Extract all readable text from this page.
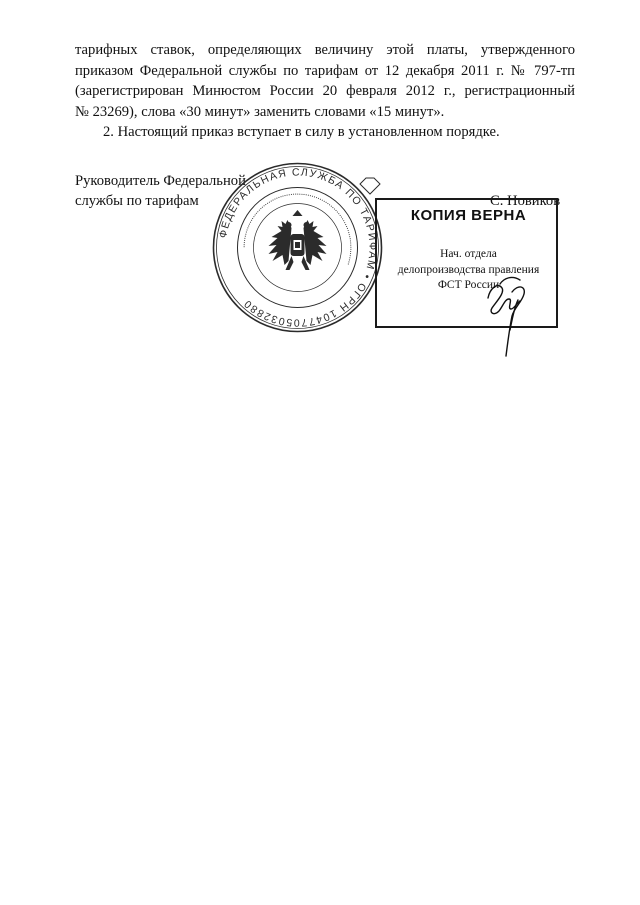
тарифных ставок, определяющих величину этой платы, утвержденного
приказом Федеральной службы по тарифам от 12 декабря 2011 г. № 797-тп
(зарегистрирован Минюстом России 20 февраля 2012 г., регистрационный
№ 23269), слова «30 минут» заменить словами «15 минут».
2. Настоящий приказ вступает в силу в установленном порядке.
Руководитель Федеральной
службы по тарифам	С. Новиков
ФЕДЕРАЛЬНАЯ СЛУЖБА ПО ТАРИФАМ • ОГРН 1047705032880
•••••••••••••••••••••••••••••••••••••••••••••••••••••••••••••••••••••••••••••••••••••••
КОПИЯ ВЕРНА
Нач. отдела
делопроизводства правления
ФСТ России
